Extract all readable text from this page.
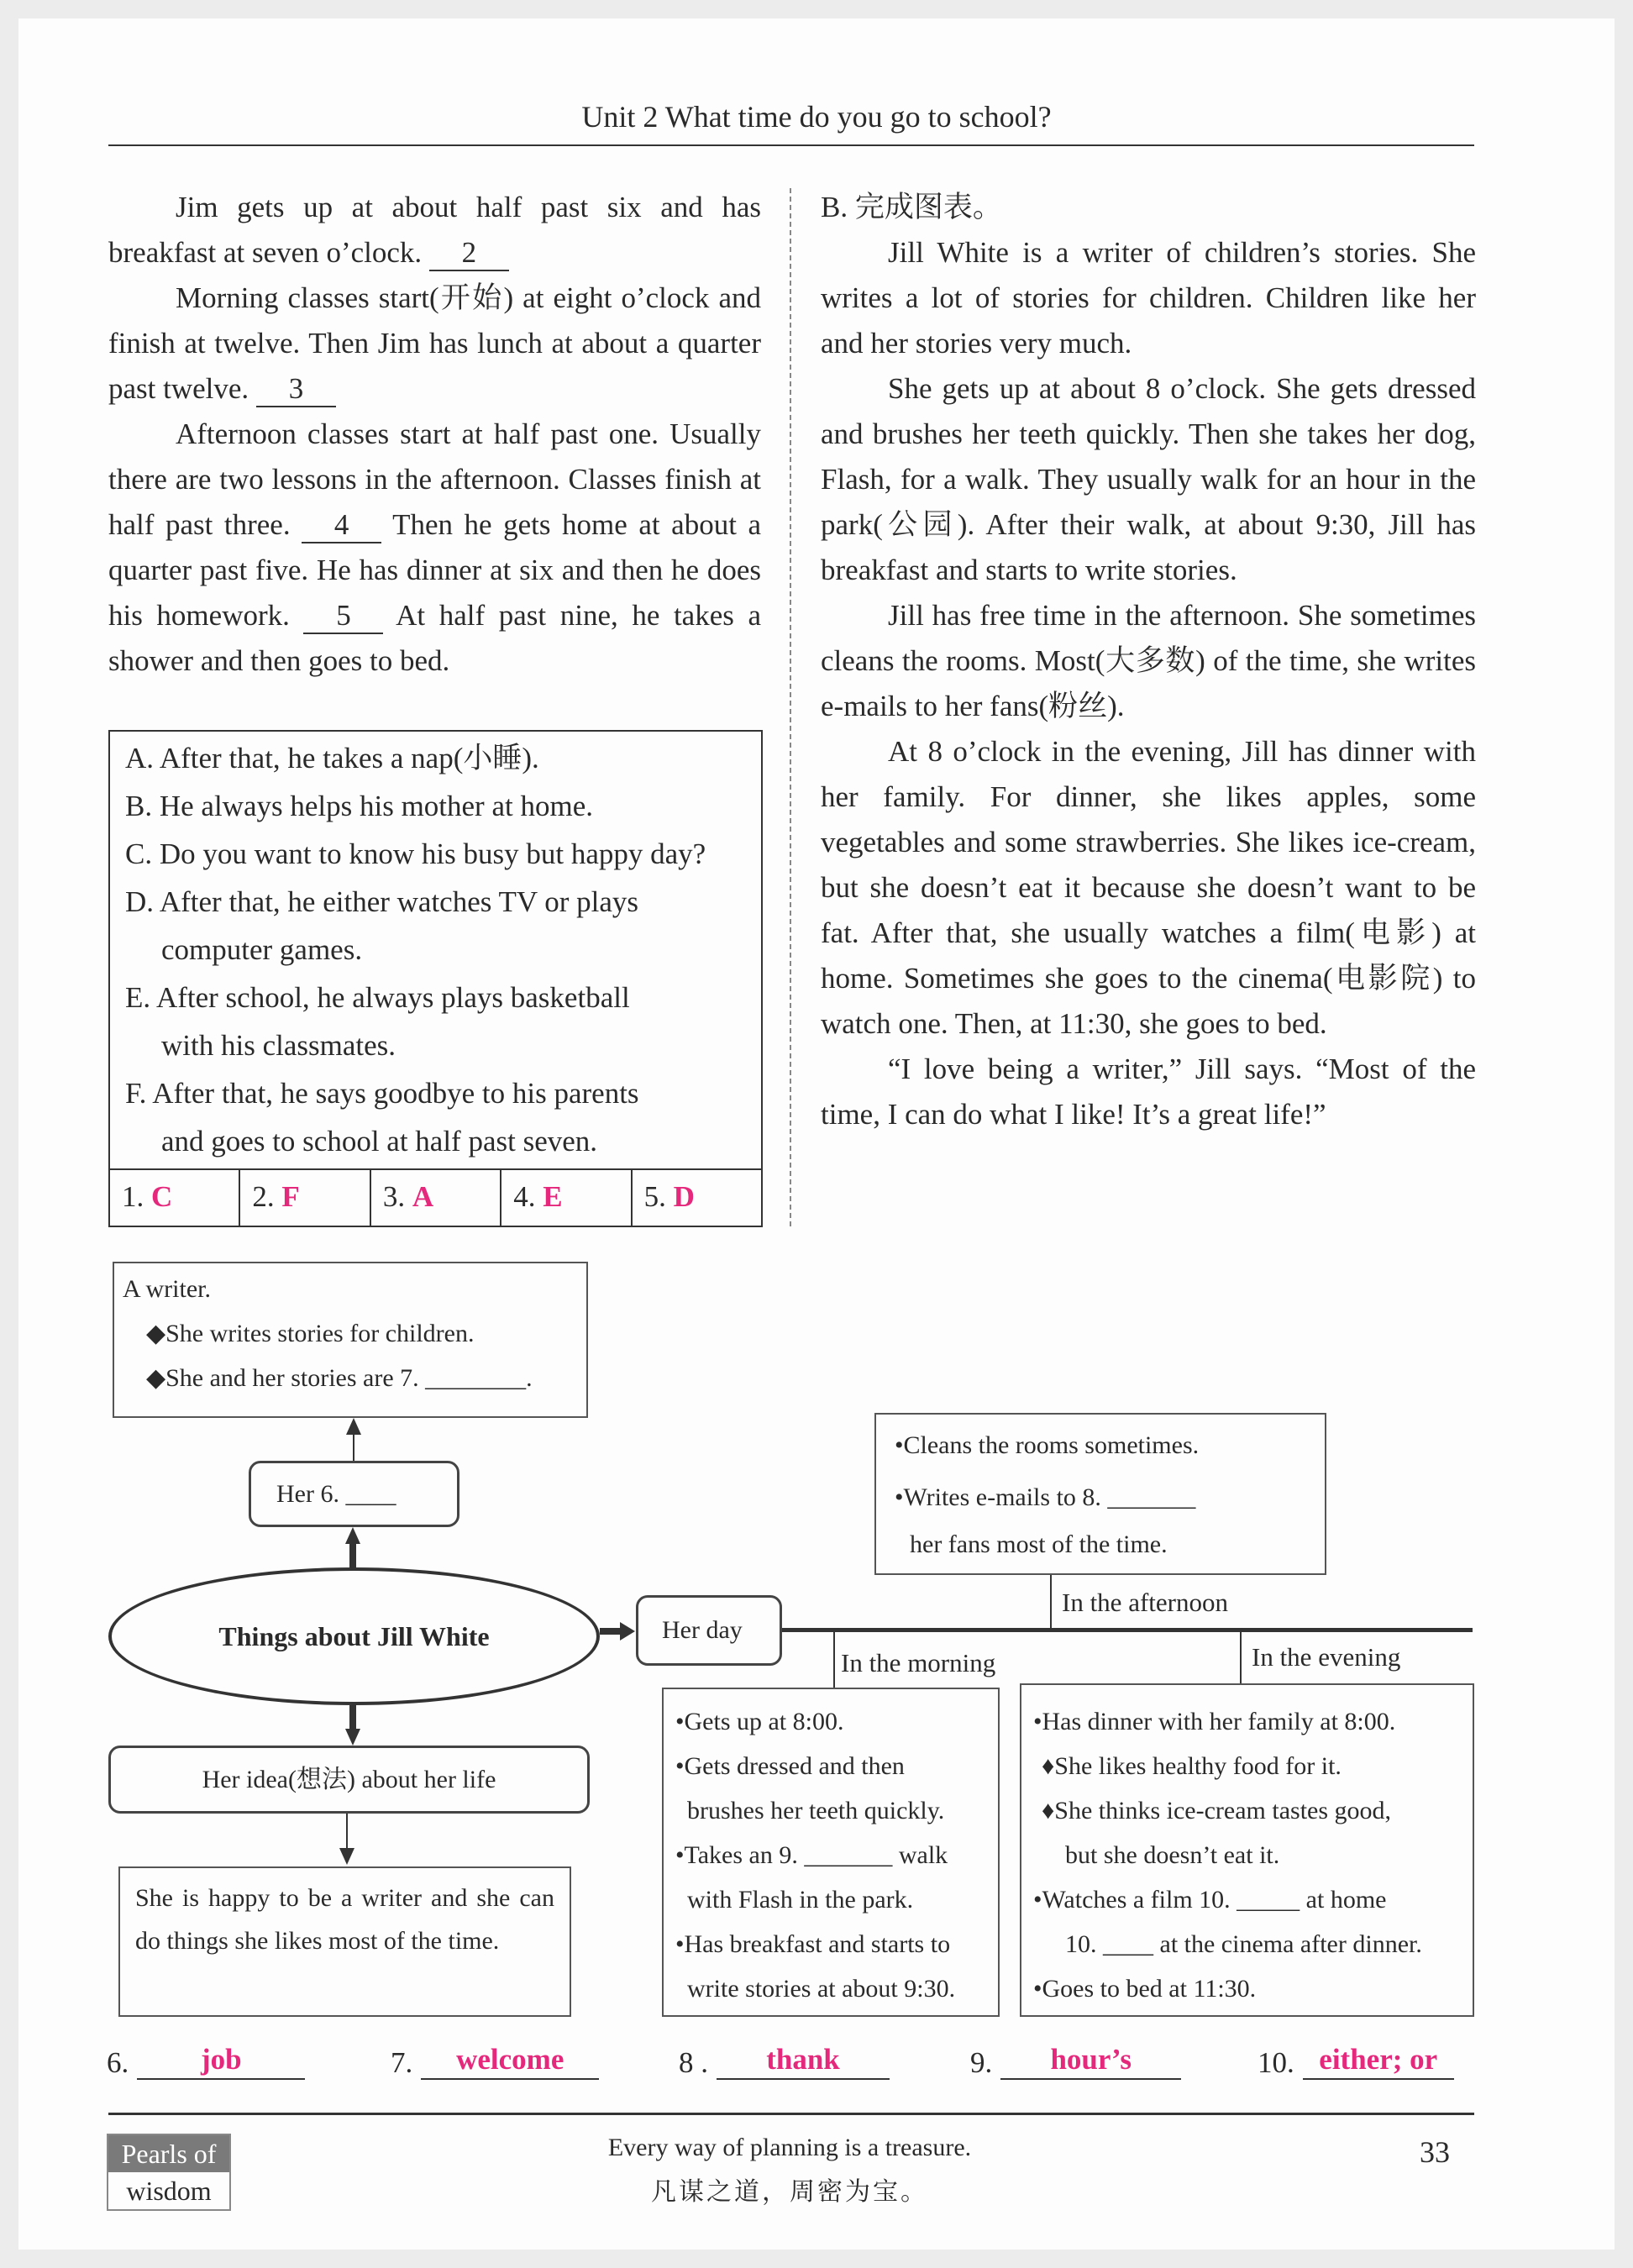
Unit 2 What time do you go to school?

Jim gets up at about half past six and has breakfast at seven o’clock. 2

Morning classes start(开始) at eight o’clock and finish at twelve. Then Jim has lunch at about a quarter past twelve. 3

Afternoon classes start at half past one. Usually there are two lessons in the afternoon. Classes finish at half past three. 4 Then he gets home at about a quarter past five. He has dinner at six and then he does his homework. 5 At half past nine, he takes a shower and then goes to bed.

A. After that, he takes a nap(小睡).
B. He always helps his mother at home.
C. Do you want to know his busy but happy day?
D. After that, he either watches TV or plays
computer games.
E. After school, he always plays basketball
with his classmates.
F. After that, he says goodbye to his parents
and goes to school at half past seven.
1. C	2. F	3. A	4. E	5. D

B. 完成图表。

Jill White is a writer of children’s stories. She writes a lot of stories for children. Children like her and her stories very much.

She gets up at about 8 o’clock. She gets dressed and brushes her teeth quickly. Then she takes her dog, Flash, for a walk. They usually walk for an hour in the park(公园). After their walk, at about 9:30, Jill has breakfast and starts to write stories.

Jill has free time in the afternoon. She sometimes cleans the rooms. Most(大多数) of the time, she writes e-mails to her fans(粉丝).

At 8 o’clock in the evening, Jill has dinner with her family. For dinner, she likes apples, some vegetables and some strawberries. She likes ice-cream, but she doesn’t eat it because she doesn’t want to be fat. After that, she usually watches a film(电影) at home. Sometimes she goes to the cinema(电影院) to watch one. Then, at 11:30, she goes to bed.

“I love being a writer,” Jill says. “Most of the time, I can do what I like! It’s a great life!”

A writer.
◆She writes stories for children.
◆She and her stories are 7. ________.
Her 6. ____
Things about Jill White	Her day
•Cleans the rooms sometimes.
•Writes e-mails to 8. _______
her fans most of the time.
In the afternoon
In the morning	In the evening
•Gets up at 8:00.
•Gets dressed and then
brushes her teeth quickly.
•Takes an 9. _______ walk
with Flash in the park.
•Has breakfast and starts to
write stories at about 9:30.
•Has dinner with her family at 8:00.
♦She likes healthy food for it.
♦She thinks ice-cream tastes good,
but she doesn’t eat it.
•Watches a film 10. _____ at home
10. ____ at the cinema after dinner.
•Goes to bed at 11:30.
Her idea(想法) about her life
She is happy to be a writer and she can do things she likes most of the time.
6.	job	7.	welcome	8 .	thank	9.	hour’s	10. either; or
Pearls of
wisdom
Every way of planning is a treasure.
凡谋之道，周密为宝。
33
